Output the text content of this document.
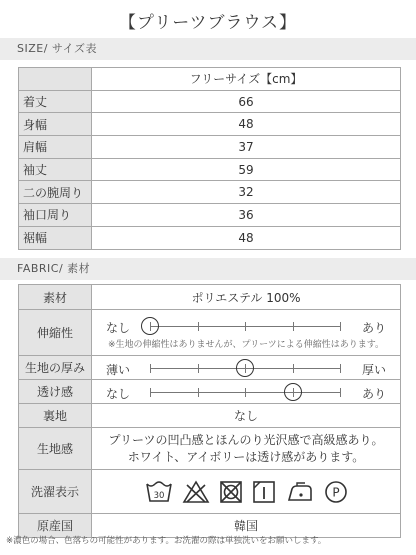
【プリーツブラウス】
SIZE/ サイズ表
	フリーサイズ【cm】
着丈	66
身幅	48
肩幅	37
袖丈	59
二の腕周り	32
袖口周り	36
裾幅	48
FABRIC/ 素材
素材	ポリエステル 100%
伸縮性	なし あり
※生地の伸縮性はありませんが、プリーツによる伸縮性はあります。

生地の厚み	薄い 厚い

透け感	なし あり

裏地	なし
生地感	プリーツの凹凸感とほんのり光沢感で高級感あり。
ホワイト、アイボリーは透け感があります。

洗濯表示	30 P

原産国	韓国
※濃色の場合、色落ちの可能性があります。お洗濯の際は単独洗いをお願いします。
